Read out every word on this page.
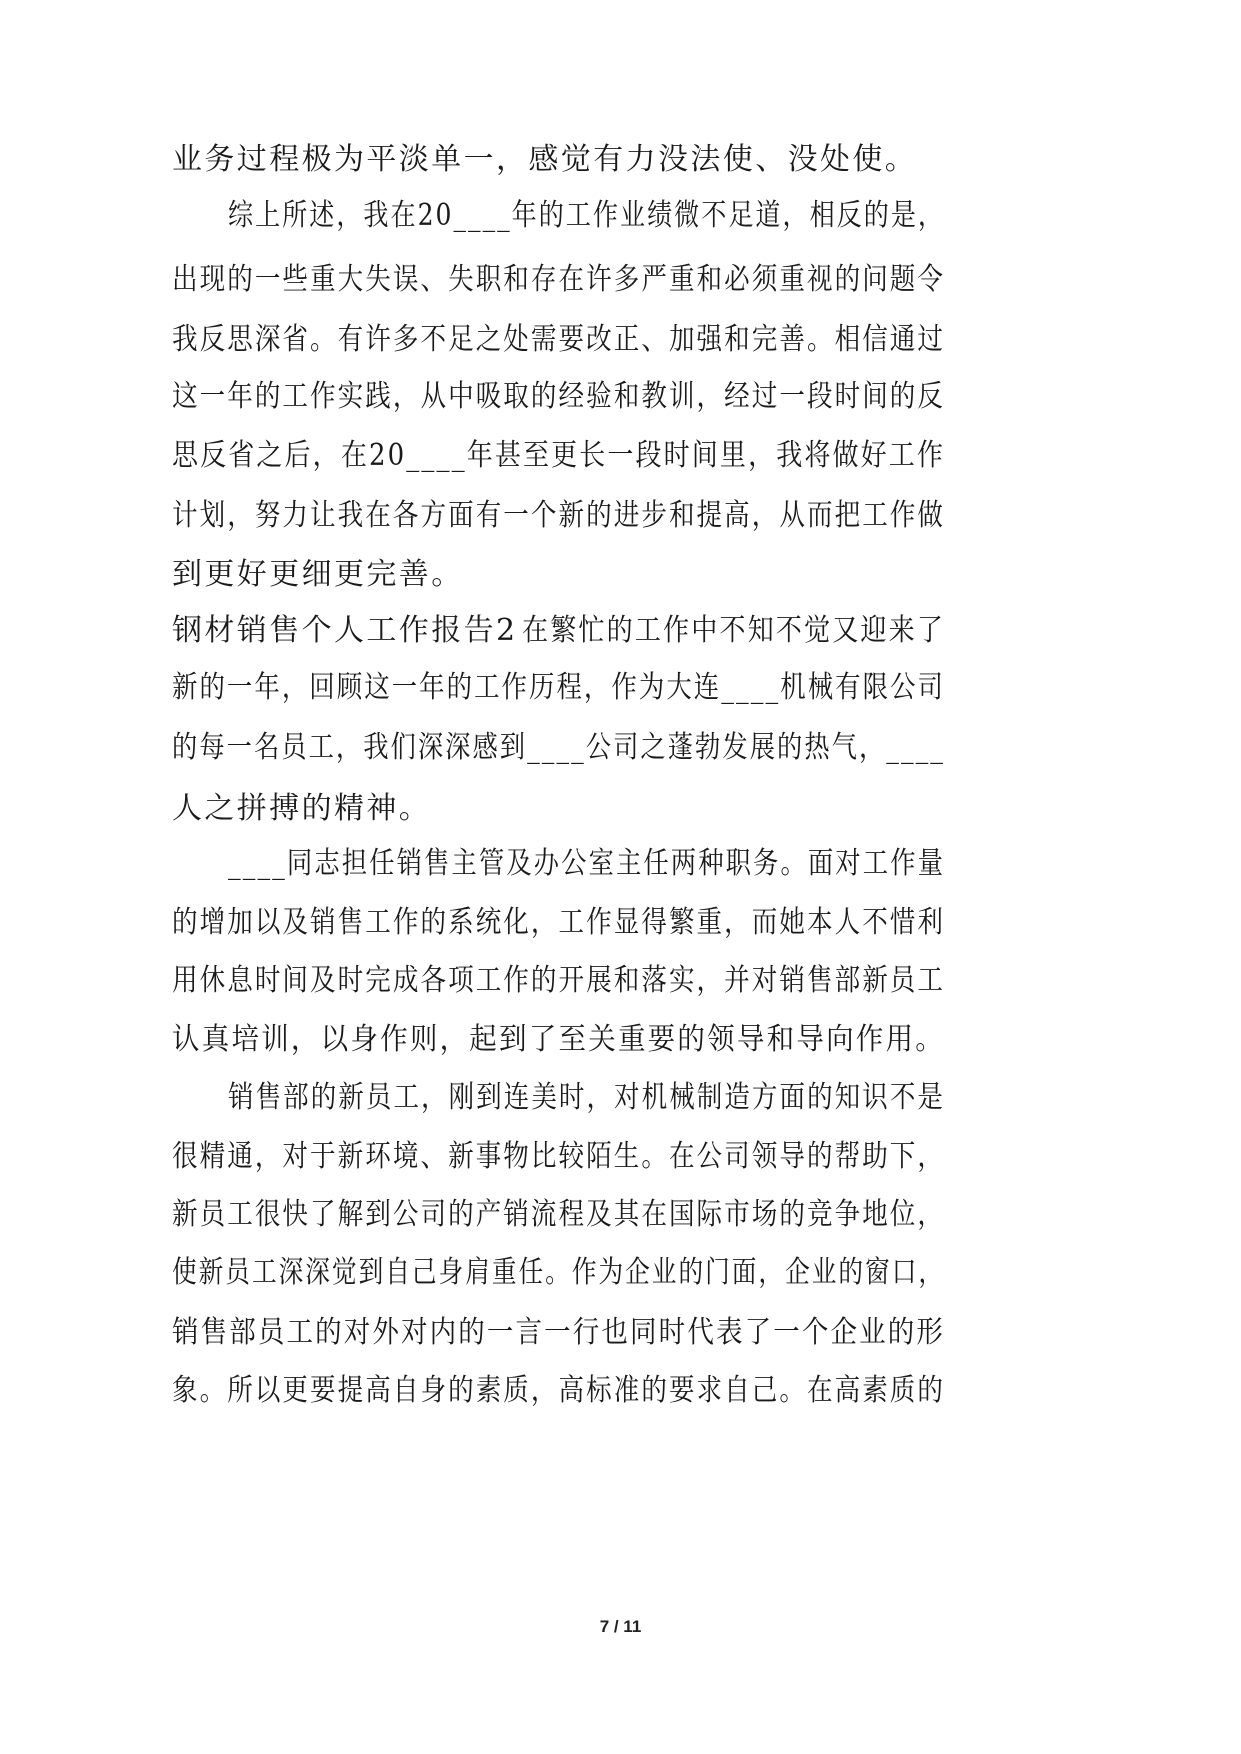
业务过程极为平淡单一，感觉有力没法使、没处使。

综上所述，我在20____年的工作业绩微不足道，相反的是，

出现的一些重大失误、失职和存在许多严重和必须重视的问题令

我反思深省。有许多不足之处需要改正、加强和完善。相信通过

这一年的工作实践，从中吸取的经验和教训，经过一段时间的反

思反省之后，在20____年甚至更长一段时间里，我将做好工作

计划，努力让我在各方面有一个新的进步和提高，从而把工作做

到更好更细更完善。

钢材销售个人工作报告2

在繁忙的工作中不知不觉又迎来了

新的一年，回顾这一年的工作历程，作为大连____机械有限公司

的每一名员工，我们深深感到____公司之蓬勃发展的热气，____

人之拼搏的精神。

____同志担任销售主管及办公室主任两种职务。面对工作量

的增加以及销售工作的系统化，工作显得繁重，而她本人不惜利

用休息时间及时完成各项工作的开展和落实，并对销售部新员工

认真培训，以身作则，起到了至关重要的领导和导向作用。

销售部的新员工，刚到连美时，对机械制造方面的知识不是

很精通，对于新环境、新事物比较陌生。在公司领导的帮助下，

新员工很快了解到公司的产销流程及其在国际市场的竞争地位，

使新员工深深觉到自己身肩重任。作为企业的门面，企业的窗口，

销售部员工的对外对内的一言一行也同时代表了一个企业的形

象。所以更要提高自身的素质，高标准的要求自己。在高素质的

7 / 11
